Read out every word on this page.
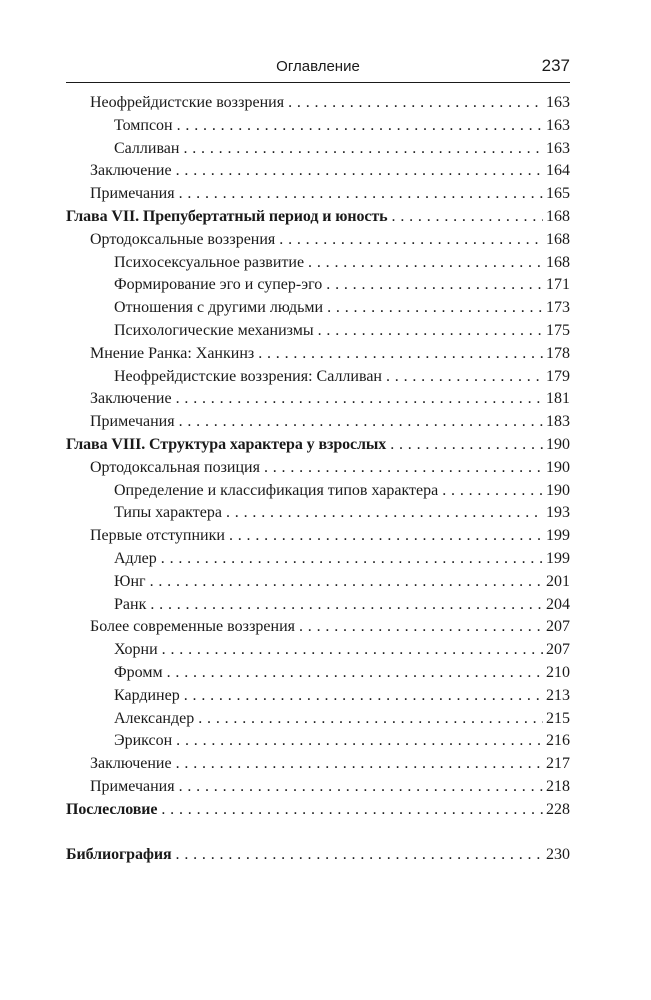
Оглавление	237
Неофрейдистские воззрения . . .	163
Томпсон . . .	163
Салливан . . .	163
Заключение . . .	164
Примечания . . .	165
Глава VII. Препубертатный период и юность . . .	168
Ортодоксальные воззрения . . .	168
Психосексуальное развитие . . .	168
Формирование эго и супер-эго . . .	171
Отношения с другими людьми . . .	173
Психологические механизмы . . .	175
Мнение Ранка: Ханкинз . . .	178
Неофрейдистские воззрения: Салливан . . .	179
Заключение . . .	181
Примечания . . .	183
Глава VIII. Структура характера у взрослых . . .	190
Ортодоксальная позиция . . .	190
Определение и классификация типов характера . . .	190
Типы характера . . .	193
Первые отступники . . .	199
Адлер . . .	199
Юнг . . .	201
Ранк . . .	204
Более современные воззрения . . .	207
Хорни . . .	207
Фромм . . .	210
Кардинер . . .	213
Александер . . .	215
Эриксон . . .	216
Заключение . . .	217
Примечания . . .	218
Послесловие . . .	228
Библиография . . .	230
